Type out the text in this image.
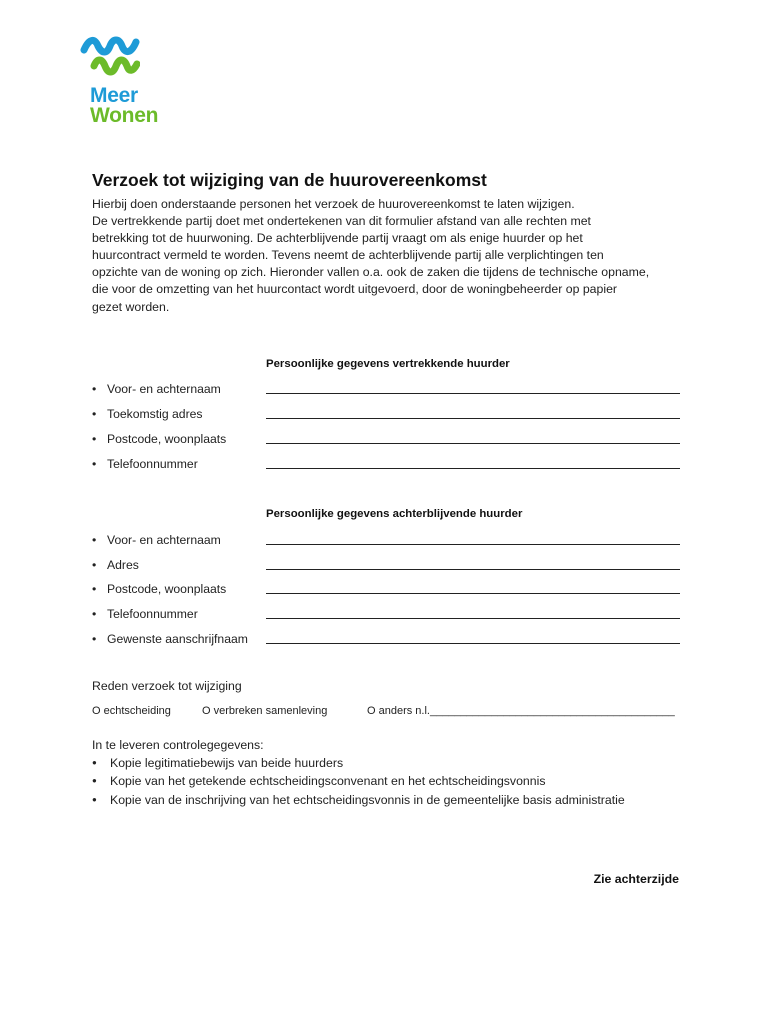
Meer
Wonen
Verzoek tot wijziging van de huurovereenkomst
Hierbij doen onderstaande personen het verzoek de huurovereenkomst te laten wijzigen.
De vertrekkende partij doet met ondertekenen van dit formulier afstand van alle rechten met
betrekking tot de huurwoning. De achterblijvende partij vraagt om als enige huurder op het
huurcontract vermeld te worden. Tevens neemt de achterblijvende partij alle verplichtingen ten
opzichte van de woning op zich. Hieronder vallen o.a. ook de zaken die tijdens de technische opname,
die voor de omzetting van het huurcontact wordt uitgevoerd, door de woningbeheerder op papier
gezet worden.
Persoonlijke gegevens vertrekkende huurder
• Voor- en achternaam
• Toekomstig adres
• Postcode, woonplaats
• Telefoonnummer
Persoonlijke gegevens achterblijvende huurder
• Voor- en achternaam
• Adres
• Postcode, woonplaats
• Telefoonnummer
• Gewenste aanschrijfnaam
Reden verzoek tot wijziging
O echtscheiding	O verbreken samenleving	O anders n.l.________________________________________
In te leveren controlegegevens:
● Kopie legitimatiebewijs van beide huurders
● Kopie van het getekende echtscheidingsconvenant en het echtscheidingsvonnis
● Kopie van de inschrijving van het echtscheidingsvonnis in de gemeentelijke basis administratie
Zie achterzijde
